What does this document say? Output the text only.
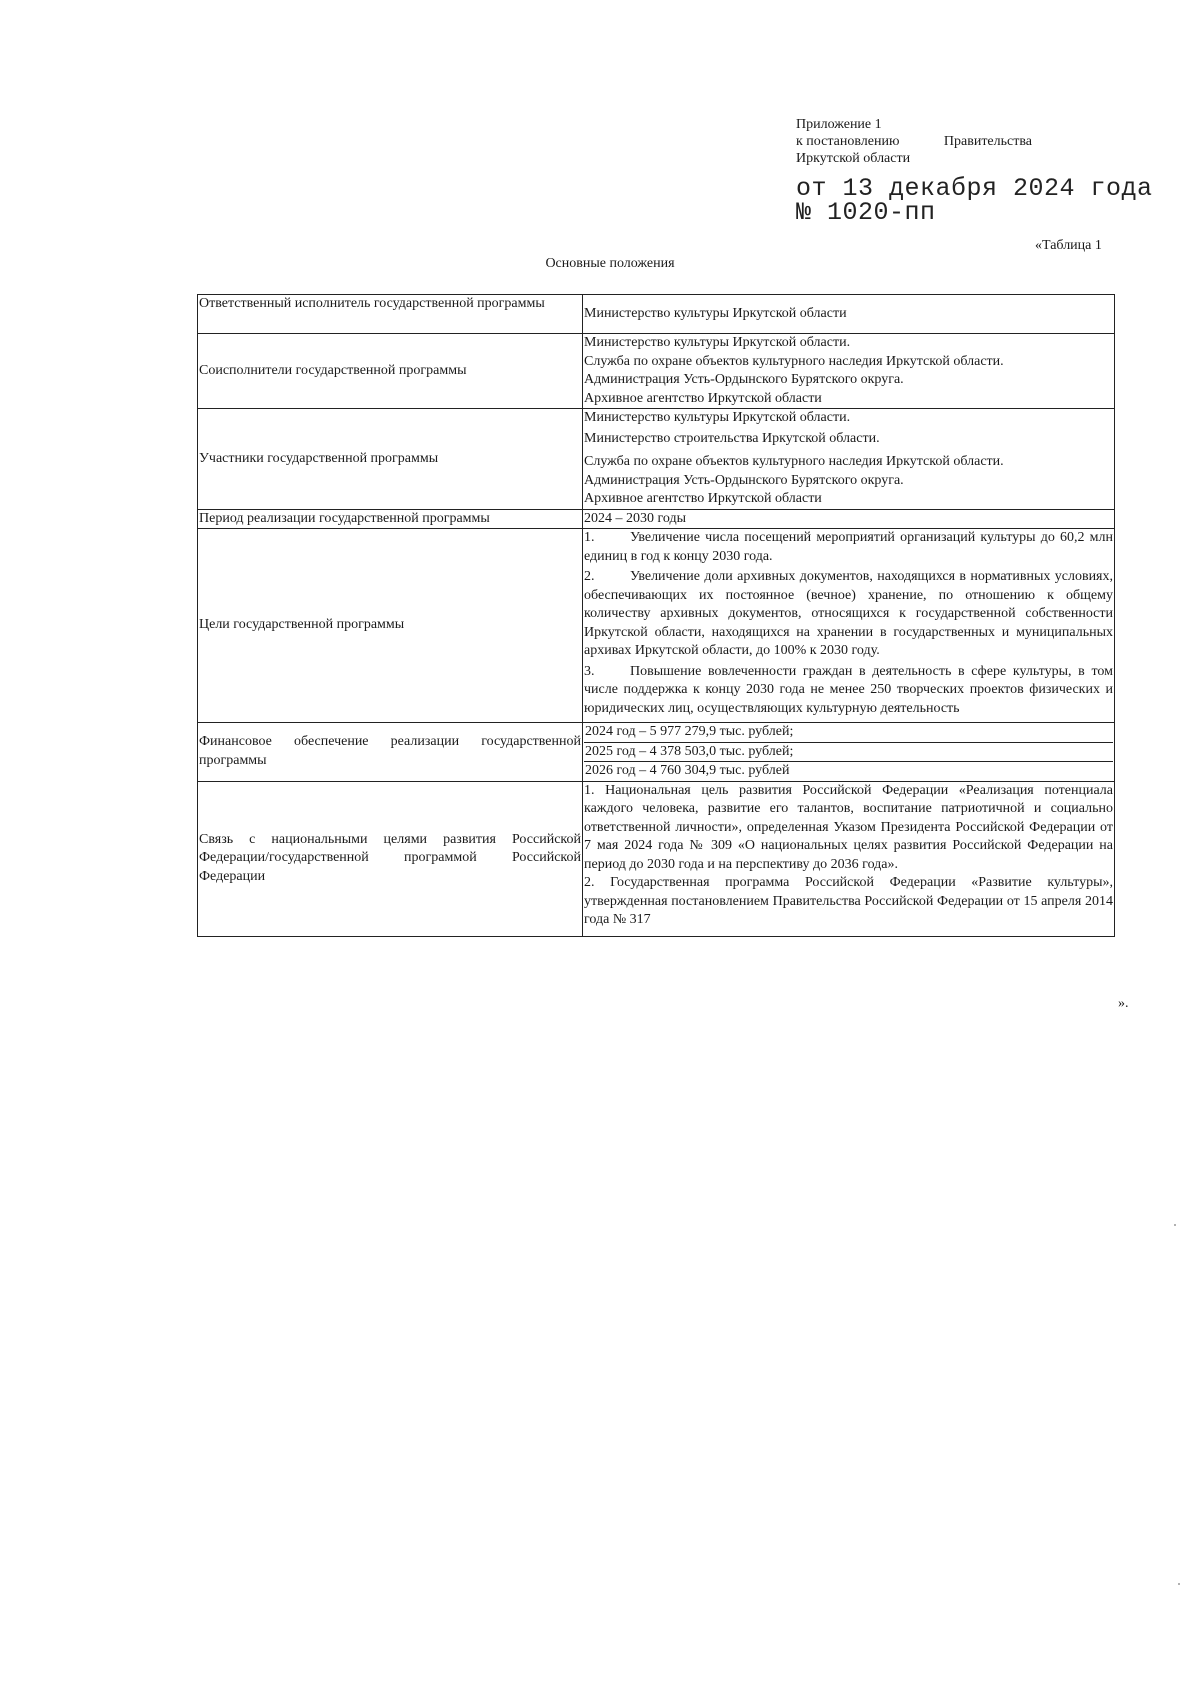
Приложение 1
к постановлению	Правительства
Иркутской области
от 13 декабря 2024 года
№ 1020-пп
«Таблица 1
Основные положения
Ответственный исполнитель государственной программы	Министерство культуры Иркутской области
Соисполнители государственной программы	Министерство культуры Иркутской области.

Служба по охране объектов культурного наследия Иркутской области.

Администрация Усть-Ордынского Бурятского округа.

Архивное агентство Иркутской области

Участники государственной программы	Министерство культуры Иркутской области.

Министерство строительства Иркутской области.

Служба по охране объектов культурного наследия Иркутской области.

Администрация Усть-Ордынского Бурятского округа.

Архивное агентство Иркутской области

Период реализации государственной программы	2024 – 2030 годы
Цели государственной программы	1. Увеличение числа посещений мероприятий организаций культуры до 60,2 млн единиц в год к концу 2030 года.

2. Увеличение доли архивных документов, находящихся в нормативных условиях, обеспечивающих их постоянное (вечное) хранение, по отношению к общему количеству архивных документов, относящихся к государственной собственности Иркутской области, находящихся на хранении в государственных и муниципальных архивах Иркутской области, до 100% к 2030 году.

3. Повышение вовлеченности граждан в деятельность в сфере культуры, в том числе поддержка к концу 2030 года не менее 250 творческих проектов физических и юридических лиц, осуществляющих культурную деятельность

Финансовое обеспечение реализации государственной программы	2024 год – 5 977 279,9 тыс. рублей;
2025 год – 4 378 503,0 тыс. рублей;
2026 год – 4 760 304,9 тыс. рублей

Связь с национальными целями развития Российской Федерации/государственной программой Российской Федерации	1. Национальная цель развития Российской Федерации «Реализация потенциала каждого человека, развитие его талантов, воспитание патриотичной и социально ответственной личности», определенная Указом Президента Российской Федерации от 7 мая 2024 года № 309 «О национальных целях развития Российской Федерации на период до 2030 года и на перспективу до 2036 года».

2. Государственная программа Российской Федерации «Развитие культуры», утвержденная постановлением Правительства Российской Федерации от 15 апреля 2014 года № 317

».
